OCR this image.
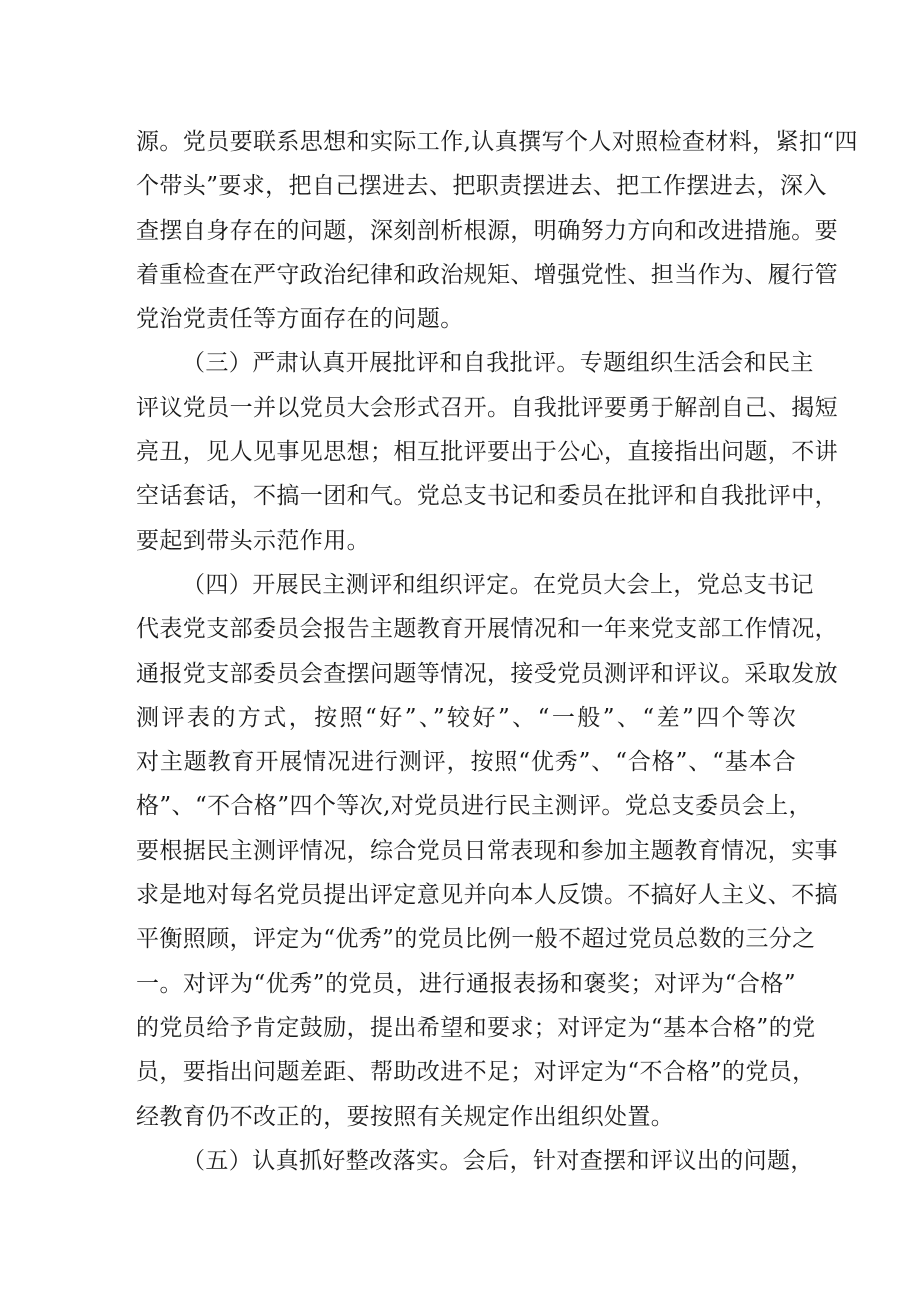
源。党员要联系思想和实际工作,认真撰写个人对照检查材料，紧扣“四
个带头”要求，把自己摆进去、把职责摆进去、把工作摆进去，深入
查摆自身存在的问题，深刻剖析根源，明确努力方向和改进措施。要
着重检查在严守政治纪律和政治规矩、增强党性、担当作为、履行管
党治党责任等方面存在的问题。
（三）严肃认真开展批评和自我批评。专题组织生活会和民主
评议党员一并以党员大会形式召开。自我批评要勇于解剖自己、揭短
亮丑，见人见事见思想；相互批评要出于公心，直接指出问题，不讲
空话套话，不搞一团和气。党总支书记和委员在批评和自我批评中，
要起到带头示范作用。
（四）开展民主测评和组织评定。在党员大会上，党总支书记
代表党支部委员会报告主题教育开展情况和一年来党支部工作情况，
通报党支部委员会查摆问题等情况，接受党员测评和评议。采取发放
测评表的方式，按照“好”、”较好”、“一般”、“差”四个等次
对主题教育开展情况进行测评，按照“优秀”、“合格”、“基本合
格”、“不合格”四个等次,对党员进行民主测评。党总支委员会上，
要根据民主测评情况，综合党员日常表现和参加主题教育情况，实事
求是地对每名党员提出评定意见并向本人反馈。不搞好人主义、不搞
平衡照顾，评定为“优秀”的党员比例一般不超过党员总数的三分之
一。对评为“优秀”的党员，进行通报表扬和褒奖；对评为“合格”
的党员给予肯定鼓励，提出希望和要求；对评定为“基本合格”的党
员，要指出问题差距、帮助改进不足；对评定为“不合格”的党员，
经教育仍不改正的，要按照有关规定作出组织处置。
（五）认真抓好整改落实。会后，针对查摆和评议出的问题，
